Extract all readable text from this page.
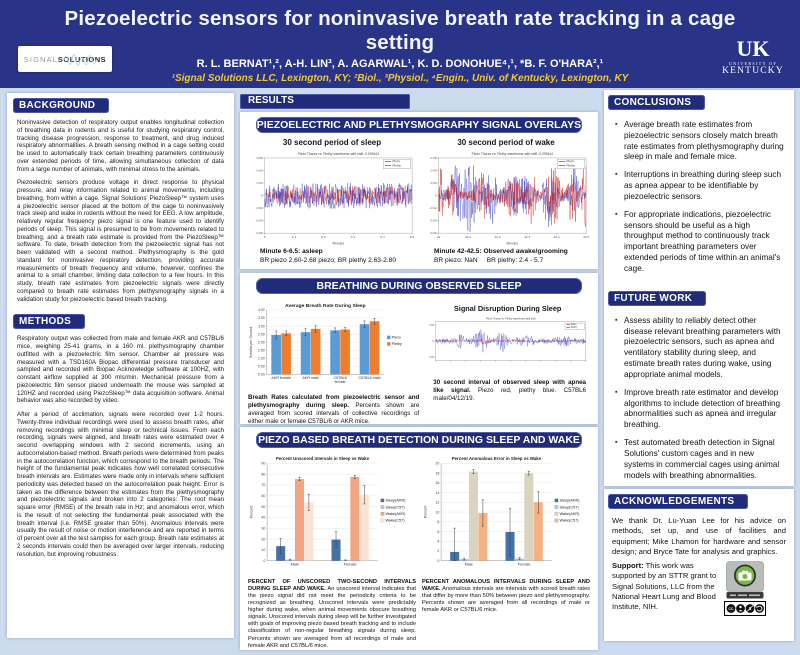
SIGNAL SOLUTIONS
Piezoelectric sensors for noninvasive breath rate tracking in a cage setting
R. L. BERNAT¹,², A-H. LIN³, A. AGARWAL¹, K. D. DONOHUE⁴,¹, *B. F. O'HARA²,¹
¹Signal Solutions LLC, Lexington, KY; ²Biol., ³Physiol., ⁴Engin., Univ. of Kentucky, Lexington, KY
UK
UNIVERSITY OF
KENTUCKY
BACKGROUND

Noninvasive detection of respiratory output enables longitudinal collection of breathing data in rodents and is useful for studying respiratory control, tracking disease progression, response to treatment, and drug induced respiratory abnormalities. A breath sensing method in a cage setting could be used to automatically track certain breathing parameters continuously over extended periods of time, allowing simultaneous collection of data from a large number of animals, with minimal stress to the animals.

Piezoelectric sensors produce voltage in direct response to physical pressure, and relay information related to animal movements, including breathing, from within a cage. Signal Solutions' PiezoSleep™ system uses a piezoelectric sensor placed at the bottom of the cage to noninvasively track sleep and wake in rodents without the need for EEG. A low amplitude, relatively regular frequency piezo signal is one feature used to identify periods of sleep. This signal is presumed to be from movements related to breathing, and a breath rate estimate is provided from the PiezoSleep™ software. To date, breath detection from the piezoelectric signal has not been validated with a second method. Plethysmography is the gold standard for noninvasive respiratory detection, providing accurate measurements of breath frequency and volume, however, confines the animal to a small chamber, limiting data collection to a few hours. In this study, breath rate estimates from piezoelectric signals were directly compared to breath rate estimates from plethysmography signals in a validation study for piezoelectric based breath tracking.

METHODS

Respiratory output was collected from male and female AKR and C57BL/6 mice, weighing 25-41 grams, in a 160 ml. plethysmography chamber outfitted with a piezoelectric film sensor. Chamber air pressure was measured with a TSD160A Biopac differential pressure transducer and sampled and recorded with Biopac Acknowledge software at 100HZ, with constant airflow supplied at 300 mls/min. Mechanical pressure from a piezoelectric film sensor placed underneath the mouse was sampled at 120HZ and recorded using PiezoSleep™ data acquisition software. Animal behavior was also recorded by video.

After a period of acclimation, signals were recorded over 1-2 hours. Twenty-three individual recordings were used to assess breath rates, after removing recordings with minimal sleep or technical issues. From each recording, signals were aligned, and breath rates were estimated over 4 second overlapping windows with 2 second increments, using an autocorrelation-based method. Breath periods were determined from peaks in the autocorrelation function, which correspond to the breath periods. The height of the fundamental peak indicates how well correlated consecutive breath intervals are. Estimates were made only in intervals where sufficient periodicity was detected based on the autocorrelation peak height. Error is taken as the difference between the estimates from the plethysmography and piezoelectric signals and broken into 2 categories: The root mean square error (RMSE) of the breath rate in Hz; and anomalous error, which is the result of not selecting the fundamental peak associated with the breath interval (i.e. RMSE greater than 50%). Anomalous intervals were usually the result of noise or motion interference and are reported in terms of percent over all the test samples for each group. Breath rate estimates at 2 seconds intervals could then be averaged over larger intervals, reducing resolution, but improving robustness.

RESULTS
PIEZOELECTRIC AND PLETHYSMOGRAPHY SIGNAL OVERLAYS
30 second period of sleep
Piezo Thorax vs. Plethy waveforms with shift -0.039444
0.06
0.04
0.02
0
-0.02
-0.04
-0.06
6	6.1	6.2	6.3	6.4	6.5
Minutes
Piezo
Plethy
Minute 6-6.5: asleep
BR piezo 2.60-2.68 piezo; BR plethy 2.63-2.80
30 second period of wake
Piezo Thorax vs. Plethy waveforms with shift -0.039444
0.06
0.04
0.02
0
-0.02
-0.04
-0.06
42	42.1	42.2	42.3	42.4	42.5
Minutes
Piezo
Plethy
Minute 42-42.5: Observed awake/grooming
BR piezo: NaN     BR plethy: 2.4 - 5.7
BREATHING DURING OBSERVED SLEEP
Average Breath Rate During Sleep
0.00
0.50
1.00
1.50
2.00
2.50
3.00
3.50
4.00
Breaths per Second
AKR female	AKR male	C57BL6
female
C57BL6 male
Piezo
Plethy
Breath Rates calculated from piezoelectric sensor and plethysmography during sleep. Percents shown are averaged from scored intervals of collective recordings of either male or female C57BL/6 or AKR mice.
Signal Disruption During Sleep
Piezo Thorax vs. Plethy waveforms with shift
0.05
0
-0.05
Piezo
Plethy
30 second interval of observed sleep with apnea like signal. Piezo red, plethy blue. C57BL6 male/04/12/19.
PIEZO BASED BREATH DETECTION DURING SLEEP AND WAKE
Percent Unscored Intervals in Sleep vs Wake
0
10
20
30
40
50
60
70
80
90
Percent
Male	Female
Sleep(AKR)
Sleep(C57)
Wake(AKR)
Wake(C57)
Percent Anomalous Error in Sleep vs Wake
0
2
4
6
8
10
12
14
16
18
20
Percent
Male	Female
Sleep(AKR)
Sleep(C57)
Wake(AKR)
Wake(C57)
PERCENT OF UNSCORED TWO-SECOND INTERVALS DURING SLEEP AND WAKE. An unscored interval indicates that the piezo signal did not meet the periodicity criteria to be recognized as breathing. Unscored intervals were predictably higher during wake, when animal movements obscure breathing signals. Unscored intervals during sleep will be further investigated with goals of improving piezo based breath tracking and to include classification of non-regular breathing signals during sleep. Percents shown are averaged from all recordings of male and female AKR and C57BL/6 mice.
PERCENT ANOMALOUS INTERVALS DURING SLEEP AND WAKE. Anomalous intervals are intervals with scored breath rates that differ by more than 50% between piezo and plethysmography. Percents shown are averaged from all recordings of male or female AKR or C57BL/6 mice.
CONCLUSIONS
▪ Average breath rate estimates from piezoelectric sensors closely match breath rate estimates from plethysmography during sleep in male and female mice.
▪ Interruptions in breathing during sleep such as apnea appear to be identifiable by piezoelectric sensors.
▪ For appropriate indications, piezoelectric sensors should be useful as a high throughput method to continuously track important breathing parameters over extended periods of time within an animal's cage.
FUTURE WORK
▪ Assess ability to reliably detect other disease relevant breathing parameters with piezoelectric sensors, such as apnea and ventilatory stability during sleep, and estimate breath rates during wake, using appropriate animal models.
▪ Improve breath rate estimator and develop algorithms to include detection of breathing abnormalities such as apnea and irregular breathing.
▪ Test automated breath detection in Signal Solutions' custom cages and in new systems in commercial cages using animal models with breathing abnormalities.
ACKNOWLEDGEMENTS
We thank Dr. Lu-Yuan Lee for his advice on methods, set up, and use of facilities and equipment; Mike Lhamon for hardware and sensor design; and Bryce Tate for analysis and graphics.
Support: This work was supported by an STTR grant to Signal Solutions, LLC from the National Heart Lung and Blood Institute, NIH.	CC
